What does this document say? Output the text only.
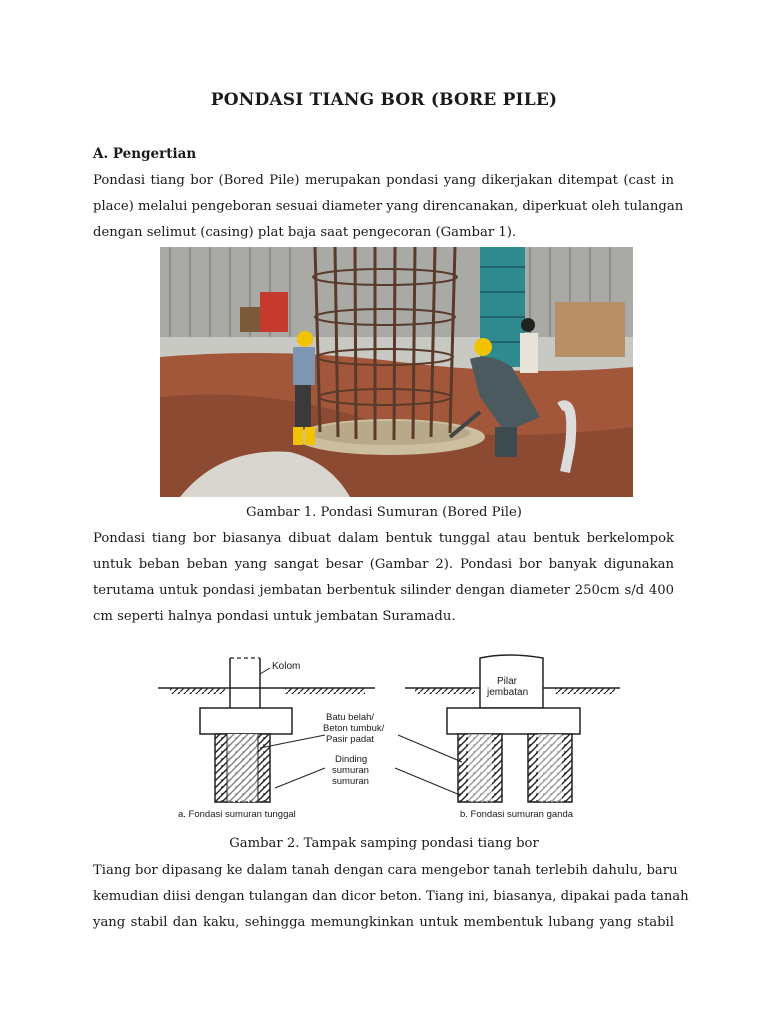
PONDASI TIANG BOR (BORE PILE)
A. Pengertian
Pondasi tiang bor (Bored Pile) merupakan pondasi yang dikerjakan ditempat (cast in
place) melalui pengeboran sesuai diameter yang direncanakan, diperkuat oleh tulangan
dengan selimut (casing) plat baja saat pengecoran (Gambar 1).
Gambar 1. Pondasi Sumuran (Bored Pile)
Pondasi tiang bor biasanya dibuat dalam bentuk tunggal atau bentuk berkelompok
untuk beban beban yang sangat besar (Gambar 2). Pondasi bor banyak digunakan
terutama untuk pondasi jembatan berbentuk silinder dengan diameter 250cm s/d 400
cm seperti halnya pondasi untuk jembatan Suramadu.
Kolom
Pilar
jembatan
Batu belah/
Beton tumbuk/
Pasir padat
Dinding
sumuran
sumuran
a. Fondasi sumuran tunggal	b. Fondasi sumuran ganda
Gambar 2. Tampak samping pondasi tiang bor
Tiang bor dipasang ke dalam tanah dengan cara mengebor tanah terlebih dahulu, baru
kemudian diisi dengan tulangan dan dicor beton. Tiang ini, biasanya, dipakai pada tanah
yang stabil dan kaku, sehingga memungkinkan untuk membentuk lubang yang stabil
